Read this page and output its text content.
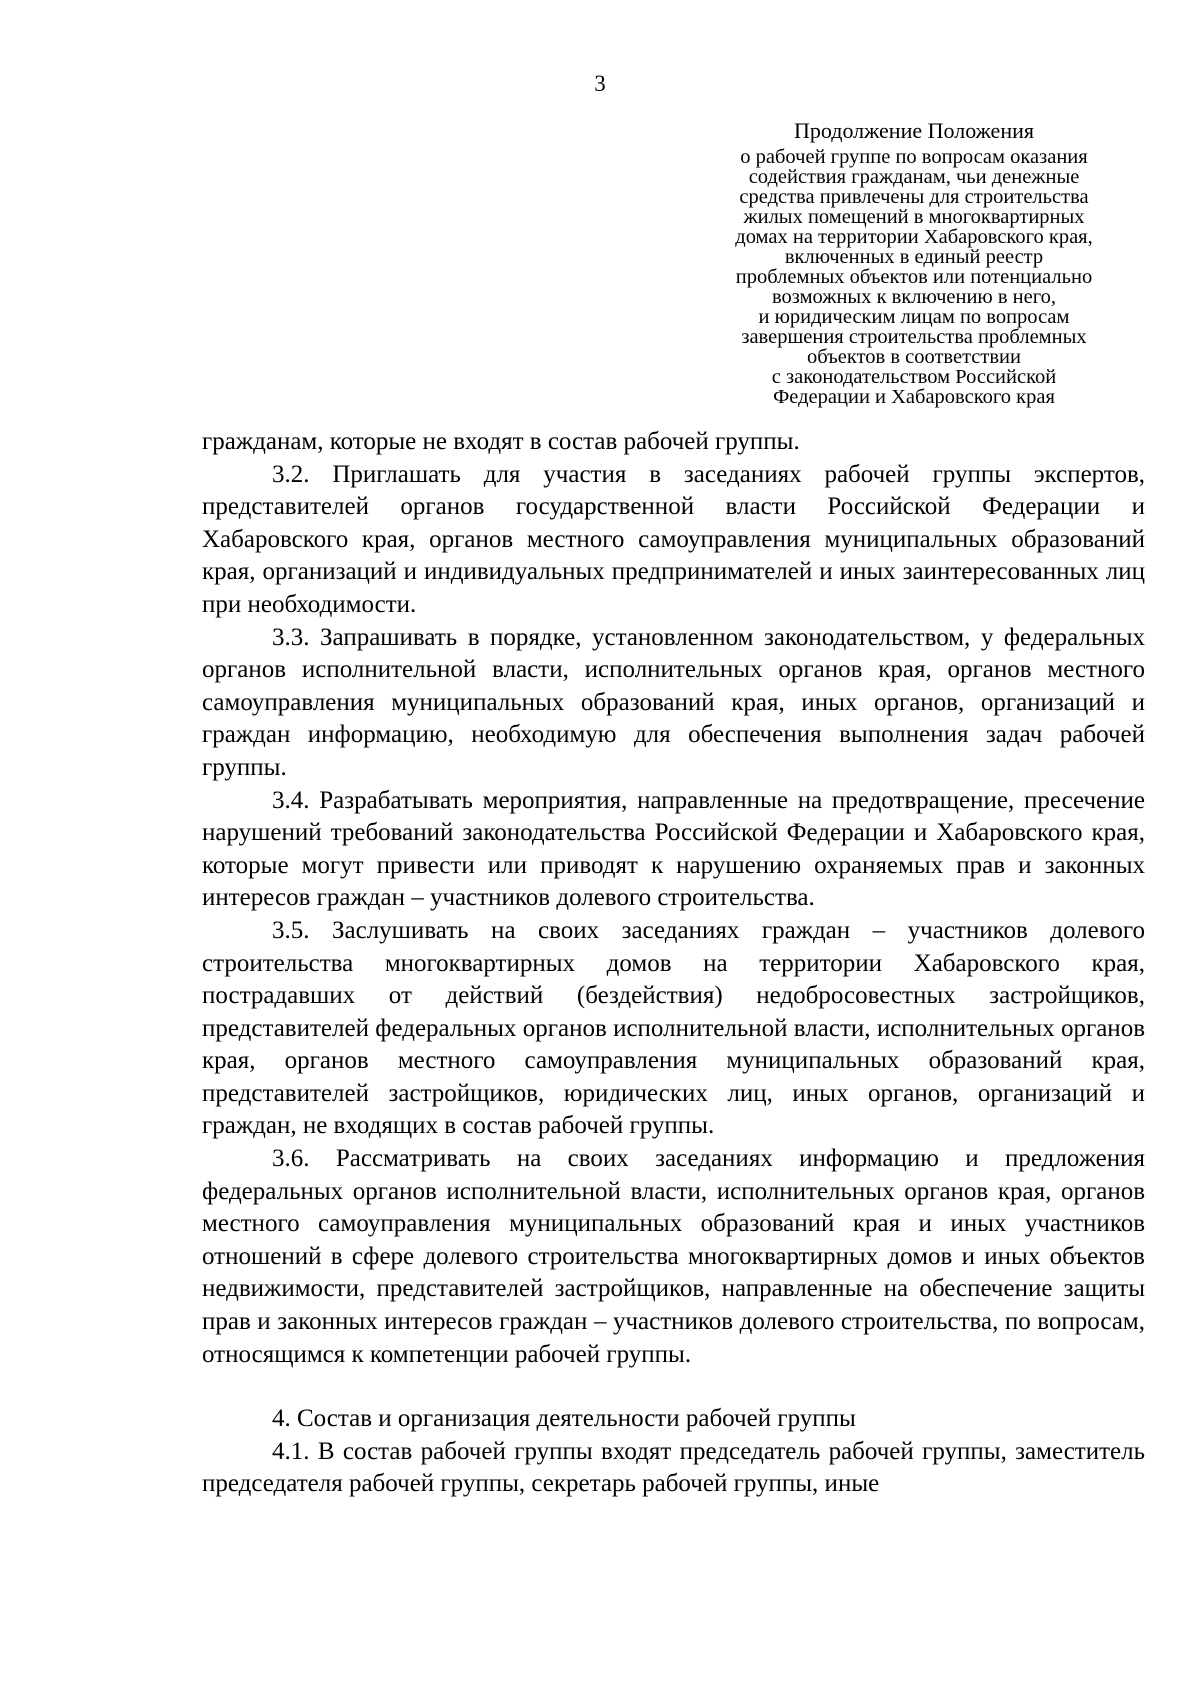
3
Продолжение Положения
о рабочей группе по вопросам оказания
содействия гражданам, чьи денежные
средства привлечены для строительства
жилых помещений в многоквартирных
домах на территории Хабаровского края,
включенных в единый реестр
проблемных объектов или потенциально
возможных к включению в него,
и юридическим лицам по вопросам
завершения строительства проблемных
объектов в соответствии
с законодательством Российской
Федерации и Хабаровского края

гражданам, которые не входят в состав рабочей группы.

3.2. Приглашать для участия в заседаниях рабочей группы экспертов, представителей органов государственной власти Российской Федерации и Хабаровского края, органов местного самоуправления муниципальных образований края, организаций и индивидуальных предпринимателей и иных заинтересованных лиц при необходимости.

3.3. Запрашивать в порядке, установленном законодательством, у федеральных органов исполнительной власти, исполнительных органов края, органов местного самоуправления муниципальных образований края, иных органов, организаций и граждан информацию, необходимую для обеспечения выполнения задач рабочей группы.

3.4. Разрабатывать мероприятия, направленные на предотвращение, пресечение нарушений требований законодательства Российской Федерации и Хабаровского края, которые могут привести или приводят к нарушению охраняемых прав и законных интересов граждан – участников долевого строительства.

3.5. Заслушивать на своих заседаниях граждан – участников долевого строительства многоквартирных домов на территории Хабаровского края, пострадавших от действий (бездействия) недобросовестных застройщиков, представителей федеральных органов исполнительной власти, исполнительных органов края, органов местного самоуправления муниципальных образований края, представителей застройщиков, юридических лиц, иных органов, организаций и граждан, не входящих в состав рабочей группы.

3.6. Рассматривать на своих заседаниях информацию и предложения федеральных органов исполнительной власти, исполнительных органов края, органов местного самоуправления муниципальных образований края и иных участников отношений в сфере долевого строительства многоквартирных домов и иных объектов недвижимости, представителей застройщиков, направленные на обеспечение защиты прав и законных интересов граждан – участников долевого строительства, по вопросам, относящимся к компетенции рабочей группы.

4. Состав и организация деятельности рабочей группы

4.1. В состав рабочей группы входят председатель рабочей группы, заместитель председателя рабочей группы, секретарь рабочей группы, иные
